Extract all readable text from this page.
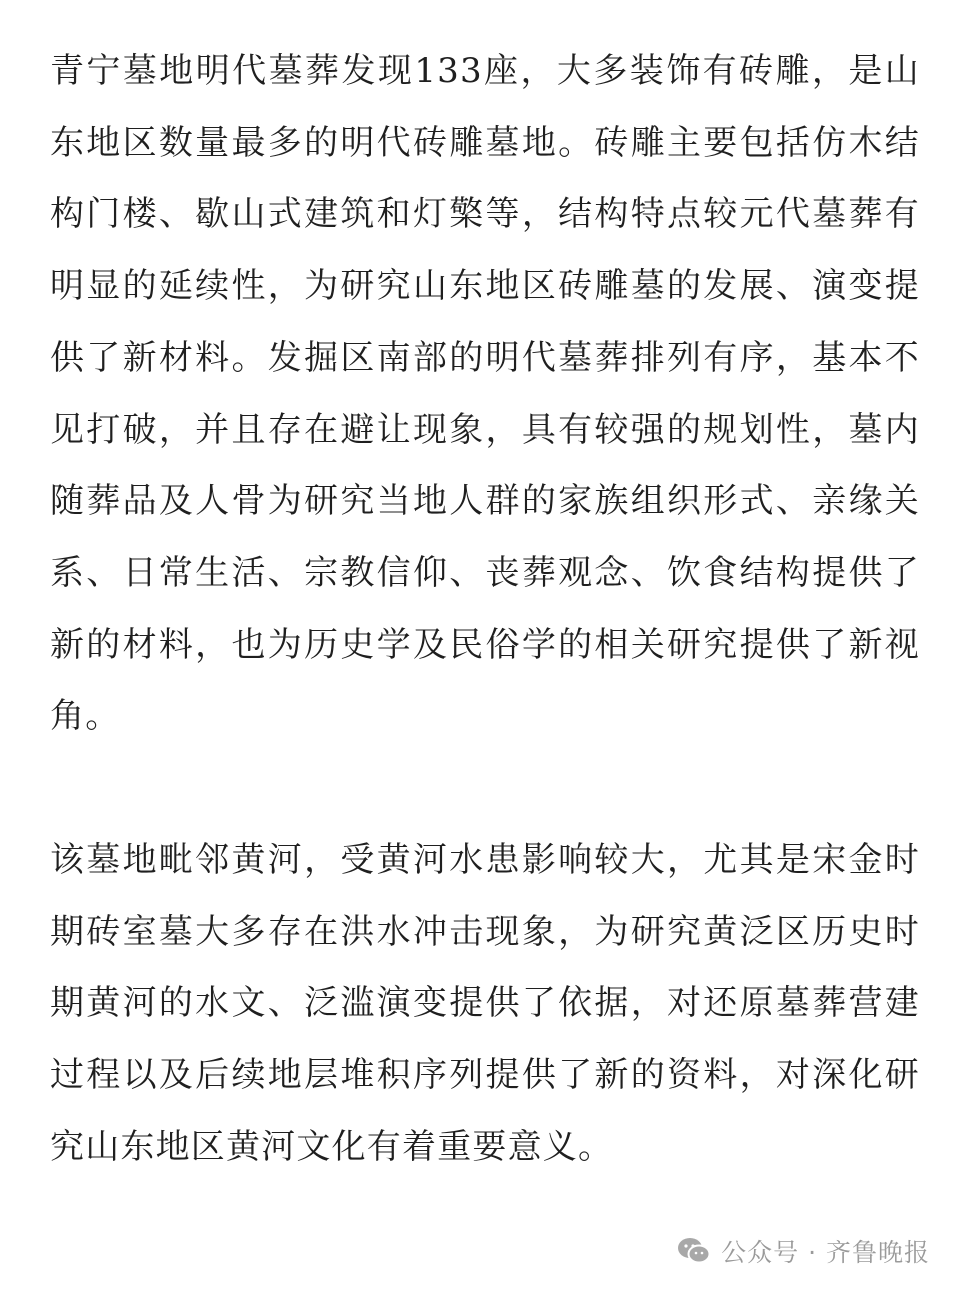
青宁墓地明代墓葬发现133座，大多装饰有砖雕，是山东地区数量最多的明代砖雕墓地。砖雕主要包括仿木结构门楼、歇山式建筑和灯檠等，结构特点较元代墓葬有明显的延续性，为研究山东地区砖雕墓的发展、演变提供了新材料。发掘区南部的明代墓葬排列有序，基本不见打破，并且存在避让现象，具有较强的规划性，墓内随葬品及人骨为研究当地人群的家族组织形式、亲缘关系、日常生活、宗教信仰、丧葬观念、饮食结构提供了新的材料，也为历史学及民俗学的相关研究提供了新视角。

该墓地毗邻黄河，受黄河水患影响较大，尤其是宋金时期砖室墓大多存在洪水冲击现象，为研究黄泛区历史时期黄河的水文、泛滥演变提供了依据，对还原墓葬营建过程以及后续地层堆积序列提供了新的资料，对深化研究山东地区黄河文化有着重要意义。

公众号 · 齐鲁晚报
